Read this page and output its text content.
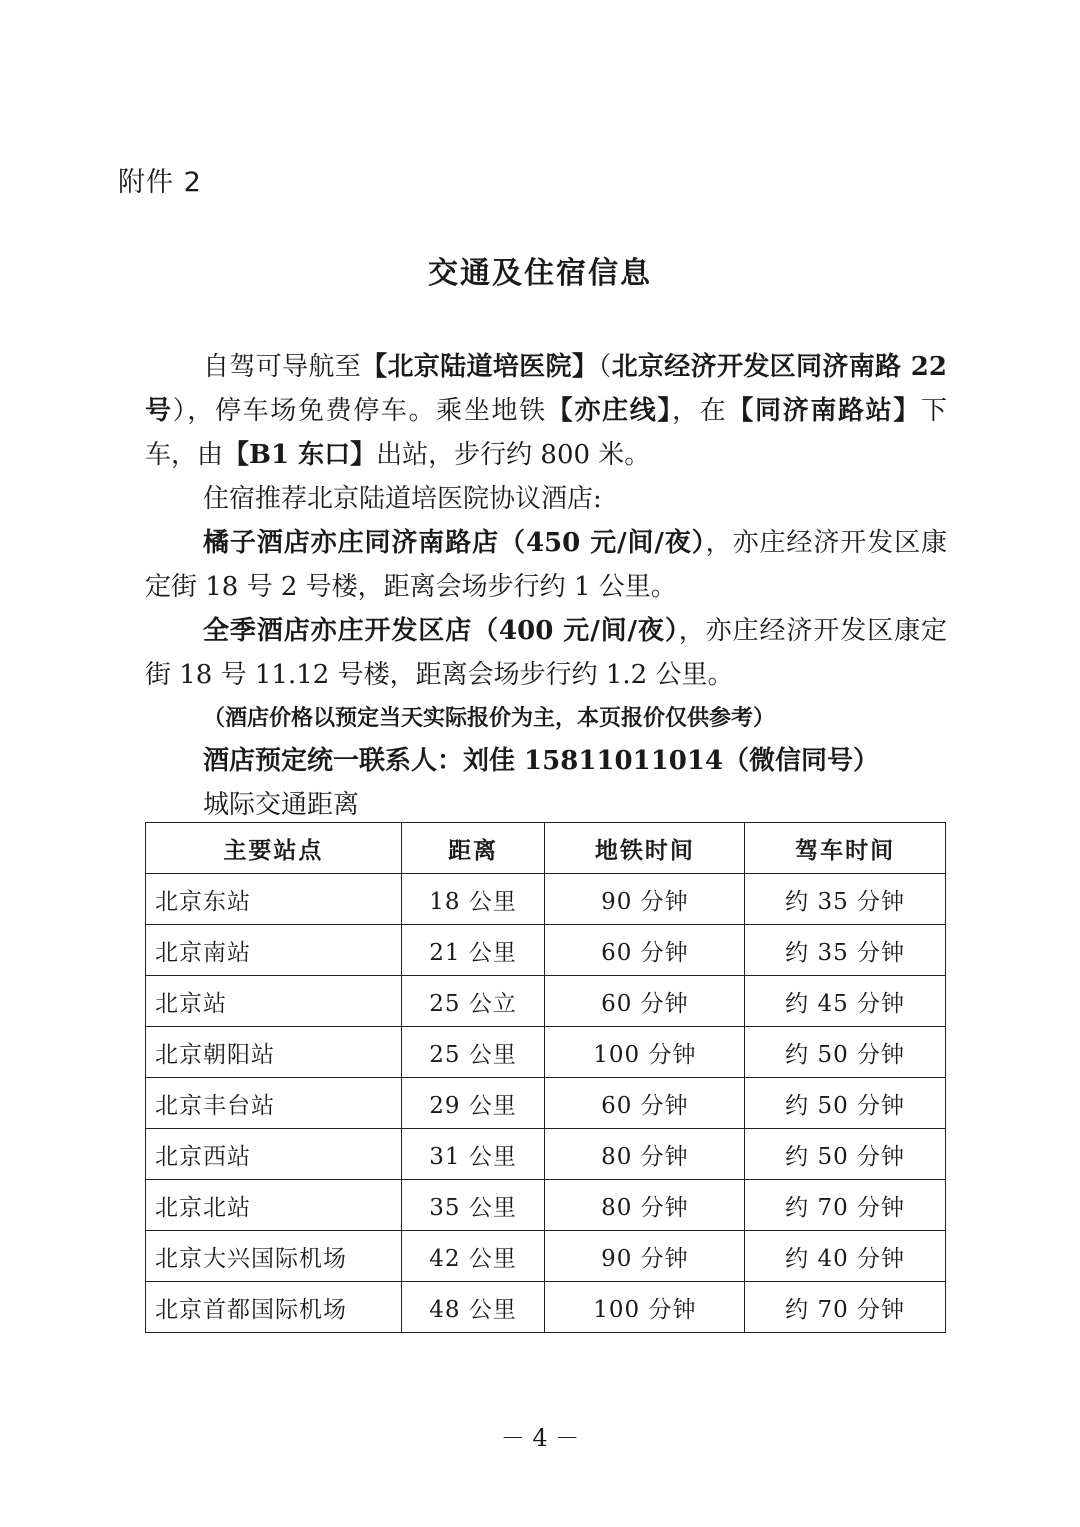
附件 2
交通及住宿信息

自驾可导航至【北京陆道培医院】（北京经济开发区同济南路 22 号），停车场免费停车。乘坐地铁【亦庄线】，在【同济南路站】下车，由【B1 东口】出站，步行约 800 米。

住宿推荐北京陆道培医院协议酒店:

橘子酒店亦庄同济南路店（450 元/间/夜），亦庄经济开发区康定街 18 号 2 号楼，距离会场步行约 1 公里。

全季酒店亦庄开发区店（400 元/间/夜），亦庄经济开发区康定街 18 号 11.12 号楼，距离会场步行约 1.2 公里。

（酒店价格以预定当天实际报价为主，本页报价仅供参考）

酒店预定统一联系人：刘佳 15811011014（微信同号）

城际交通距离

主要站点	距离	地铁时间	驾车时间
北京东站	18 公里	90 分钟	约 35 分钟
北京南站	21 公里	60 分钟	约 35 分钟
北京站	25 公立	60 分钟	约 45 分钟
北京朝阳站	25 公里	100 分钟	约 50 分钟
北京丰台站	29 公里	60 分钟	约 50 分钟
北京西站	31 公里	80 分钟	约 50 分钟
北京北站	35 公里	80 分钟	约 70 分钟
北京大兴国际机场	42 公里	90 分钟	约 40 分钟
北京首都国际机场	48 公里	100 分钟	约 70 分钟
－ 4 －
